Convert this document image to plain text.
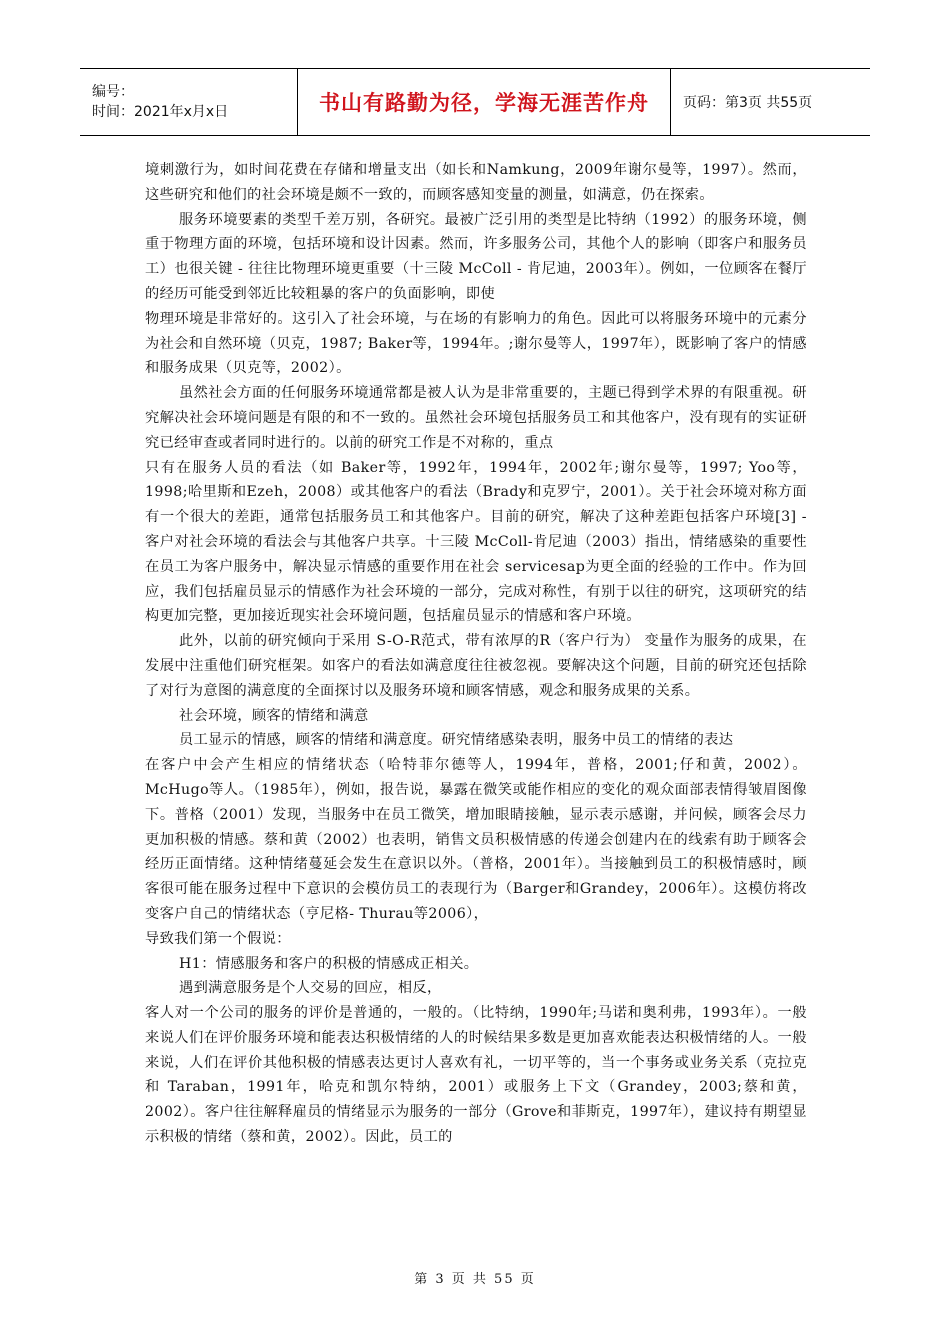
编号：
时间：2021年x月x日	书山有路勤为径，学海无涯苦作舟	页码：第3页 共55页

境刺激行为，如时间花费在存储和增量支出（如长和Namkung，2009年谢尔曼等，1997）。然而，这些研究和他们的社会环境是颇不一致的，而顾客感知变量的测量，如满意，仍在探索。

服务环境要素的类型千差万别，各研究。最被广泛引用的类型是比特纳（1992）的服务环境，侧重于物理方面的环境，包括环境和设计因素。然而，许多服务公司，其他个人的影响（即客户和服务员工）也很关键 - 往往比物理环境更重要（十三陵 McColl - 肯尼迪，2003年）。例如，一位顾客在餐厅的经历可能受到邻近比较粗暴的客户的负面影响，即使

物理环境是非常好的。这引入了社会环境，与在场的有影响力的角色。因此可以将服务环境中的元素分为社会和自然环境（贝克，1987; Baker等，1994年。;谢尔曼等人，1997年），既影响了客户的情感和服务成果（贝克等，2002）。

虽然社会方面的任何服务环境通常都是被人认为是非常重要的，主题已得到学术界的有限重视。研究解决社会环境问题是有限的和不一致的。虽然社会环境包括服务员工和其他客户，没有现有的实证研究已经审查或者同时进行的。以前的研究工作是不对称的，重点

只有在服务人员的看法（如 Baker等，1992年，1994年，2002年;谢尔曼等，1997; Yoo等，1998;哈里斯和Ezeh，2008）或其他客户的看法（Brady和克罗宁，2001）。关于社会环境对称方面有一个很大的差距，通常包括服务员工和其他客户。目前的研究，解决了这种差距包括客户环境[3] - 客户对社会环境的看法会与其他客户共享。十三陵 McColl-肯尼迪（2003）指出，情绪感染的重要性在员工为客户服务中，解决显示情感的重要作用在社会 servicesap为更全面的经验的工作中。作为回应，我们包括雇员显示的情感作为社会环境的一部分，完成对称性，有别于以往的研究，这项研究的结构更加完整，更加接近现实社会环境问题，包括雇员显示的情感和客户环境。

此外，以前的研究倾向于采用 S-O-R范式，带有浓厚的R（客户行为） 变量作为服务的成果，在发展中注重他们研究框架。如客户的看法如满意度往往被忽视。要解决这个问题，目前的研究还包括除了对行为意图的满意度的全面探讨以及服务环境和顾客情感，观念和服务成果的关系。

社会环境，顾客的情绪和满意

员工显示的情感，顾客的情绪和满意度。研究情绪感染表明，服务中员工的情绪的表达

在客户中会产生相应的情绪状态（哈特菲尔德等人，1994年，普格，2001;仔和黄，2002）。McHugo等人。（1985年），例如，报告说，暴露在微笑或能作相应的变化的观众面部表情得皱眉图像下。普格（2001）发现，当服务中在员工微笑，增加眼睛接触，显示表示感谢，并问候，顾客会尽力更加积极的情感。蔡和黄（2002）也表明，销售文员积极情感的传递会创建内在的线索有助于顾客会经历正面情绪。这种情绪蔓延会发生在意识以外。（普格，2001年）。当接触到员工的积极情感时，顾客很可能在服务过程中下意识的会模仿员工的表现行为（Barger和Grandey，2006年）。这模仿将改变客户自己的情绪状态（亨尼格- Thurau等2006），

导致我们第一个假说：

H1：情感服务和客户的积极的情感成正相关。

遇到满意服务是个人交易的回应，相反，

客人对一个公司的服务的评价是普通的，一般的。（比特纳，1990年;马诺和奥利弗，1993年）。一般来说人们在评价服务环境和能表达积极情绪的人的时候结果多数是更加喜欢能表达积极情绪的人。一般来说，人们在评价其他积极的情感表达更讨人喜欢有礼，一切平等的，当一个事务或业务关系（克拉克和 Taraban，1991年，哈克和凯尔特纳，2001）或服务上下文（Grandey，2003;蔡和黄，2002）。客户往往解释雇员的情绪显示为服务的一部分（Grove和菲斯克，1997年），建议持有期望显示积极的情绪（蔡和黄，2002）。因此，员工的

第 3 页 共 55 页
